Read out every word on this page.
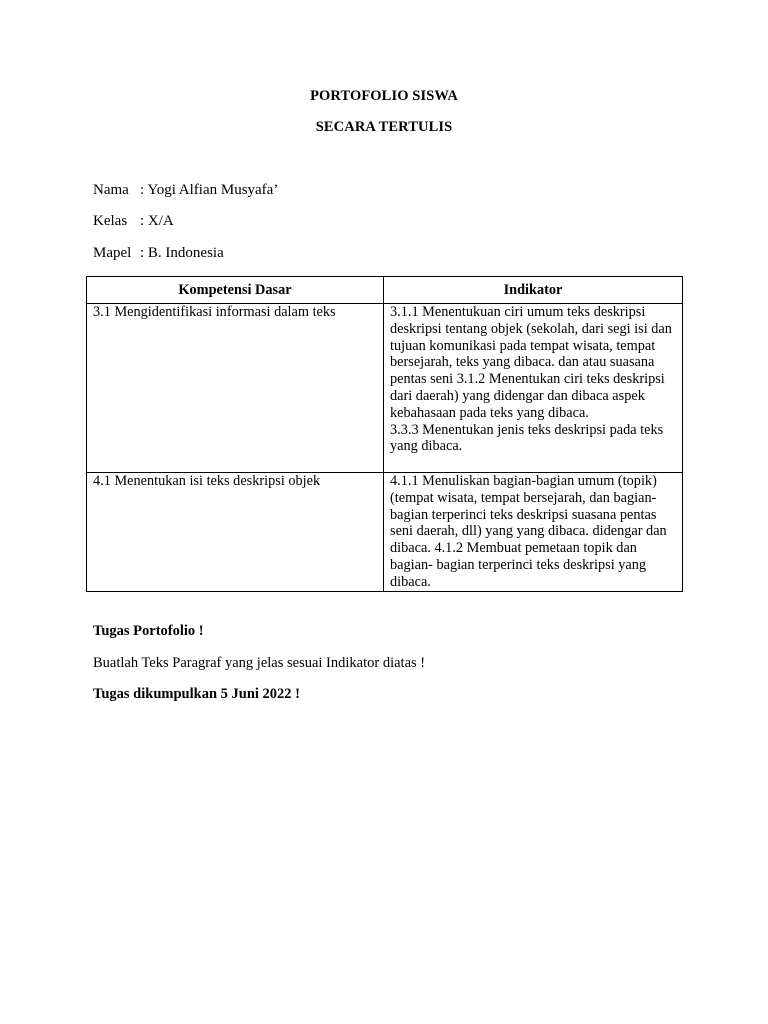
PORTOFOLIO SISWA
SECARA TERTULIS
Nama : Yogi Alfian Musyafa’
Kelas : X/A
Mapel : B. Indonesia
Kompetensi Dasar	Indikator
3.1 Mengidentifikasi informasi dalam teks	3.1.1 Menentukuan ciri umum teks deskripsi deskripsi tentang objek (sekolah, dari segi isi dan tujuan komunikasi pada tempat wisata, tempat bersejarah, teks yang dibaca. dan atau suasana pentas seni 3.1.2 Menentukan ciri teks deskripsi dari daerah) yang didengar dan dibaca aspek kebahasaan pada teks yang dibaca.
3.3.3 Menentukan jenis teks deskripsi pada teks yang dibaca.

4.1 Menentukan isi teks deskripsi objek	4.1.1 Menuliskan bagian-bagian umum (topik) (tempat wisata, tempat bersejarah, dan bagian-bagian terperinci teks deskripsi suasana pentas seni daerah, dll) yang yang dibaca. didengar dan dibaca. 4.1.2 Membuat pemetaan topik dan bagian- bagian terperinci teks deskripsi yang dibaca.
Tugas Portofolio !
Buatlah Teks Paragraf yang jelas sesuai Indikator diatas !
Tugas dikumpulkan 5 Juni 2022 !
